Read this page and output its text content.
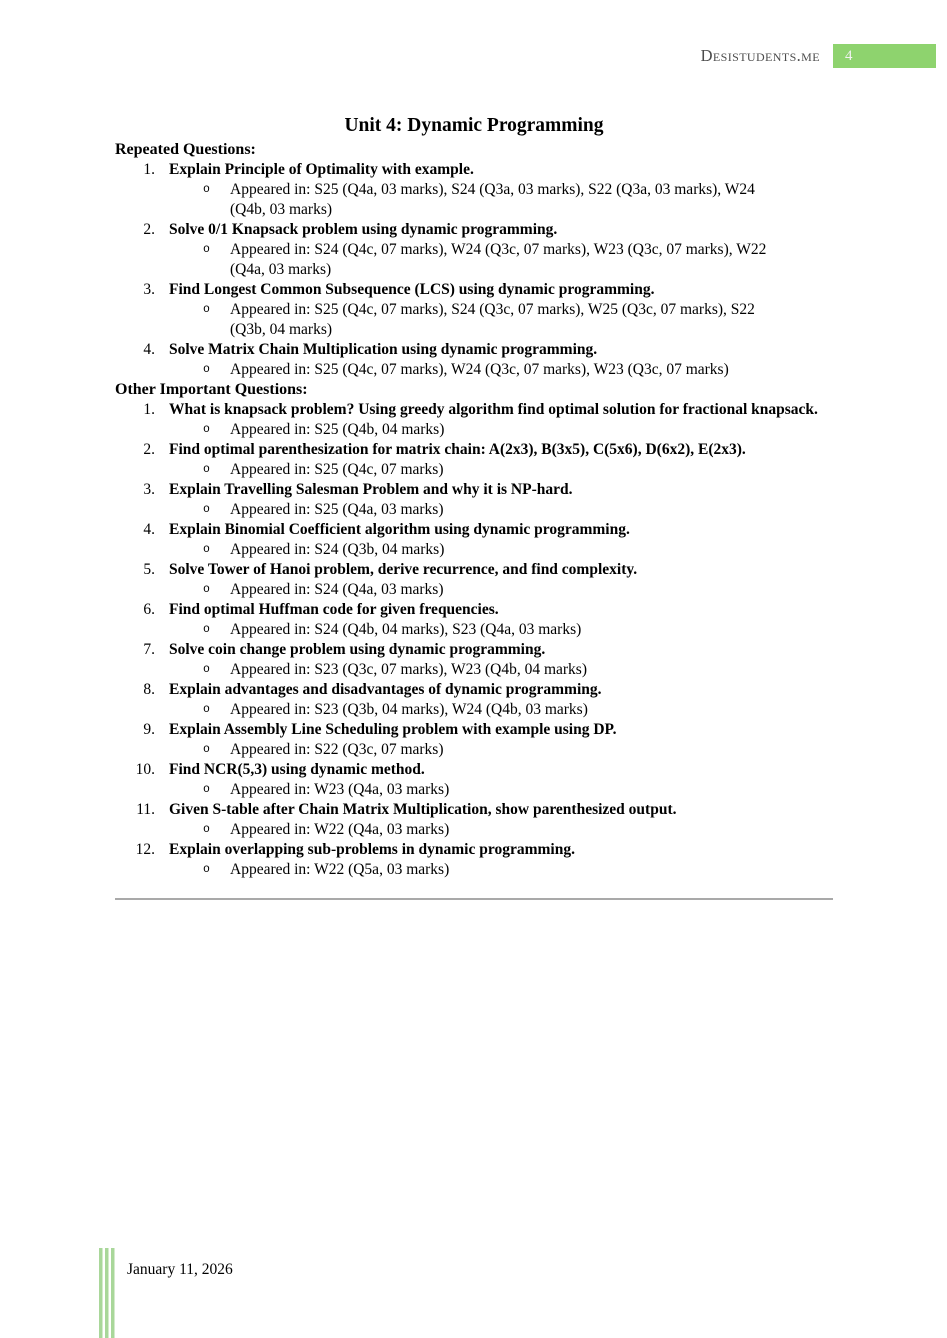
Desistudents.me 4
Unit 4: Dynamic Programming
Repeated Questions:
1. Explain Principle of Optimality with example.
o	Appeared in: S25 (Q4a, 03 marks), S24 (Q3a, 03 marks), S22 (Q3a, 03 marks), W24 (Q4b, 03 marks)
2. Solve 0/1 Knapsack problem using dynamic programming.
o	Appeared in: S24 (Q4c, 07 marks), W24 (Q3c, 07 marks), W23 (Q3c, 07 marks), W22 (Q4a, 03 marks)
3. Find Longest Common Subsequence (LCS) using dynamic programming.
o	Appeared in: S25 (Q4c, 07 marks), S24 (Q3c, 07 marks), W25 (Q3c, 07 marks), S22 (Q3b, 04 marks)
4. Solve Matrix Chain Multiplication using dynamic programming.
o	Appeared in: S25 (Q4c, 07 marks), W24 (Q3c, 07 marks), W23 (Q3c, 07 marks)
Other Important Questions:
1. What is knapsack problem? Using greedy algorithm find optimal solution for fractional knapsack.
o	Appeared in: S25 (Q4b, 04 marks)
2. Find optimal parenthesization for matrix chain: A(2x3), B(3x5), C(5x6), D(6x2), E(2x3).
o	Appeared in: S25 (Q4c, 07 marks)
3. Explain Travelling Salesman Problem and why it is NP-hard.
o	Appeared in: S25 (Q4a, 03 marks)
4. Explain Binomial Coefficient algorithm using dynamic programming.
o	Appeared in: S24 (Q3b, 04 marks)
5. Solve Tower of Hanoi problem, derive recurrence, and find complexity.
o	Appeared in: S24 (Q4a, 03 marks)
6. Find optimal Huffman code for given frequencies.
o	Appeared in: S24 (Q4b, 04 marks), S23 (Q4a, 03 marks)
7. Solve coin change problem using dynamic programming.
o	Appeared in: S23 (Q3c, 07 marks), W23 (Q4b, 04 marks)
8. Explain advantages and disadvantages of dynamic programming.
o	Appeared in: S23 (Q3b, 04 marks), W24 (Q4b, 03 marks)
9. Explain Assembly Line Scheduling problem with example using DP.
o	Appeared in: S22 (Q3c, 07 marks)
10. Find NCR(5,3) using dynamic method.
o	Appeared in: W23 (Q4a, 03 marks)
11. Given S-table after Chain Matrix Multiplication, show parenthesized output.
o	Appeared in: W22 (Q4a, 03 marks)
12. Explain overlapping sub-problems in dynamic programming.
o	Appeared in: W22 (Q5a, 03 marks)
January 11, 2026
